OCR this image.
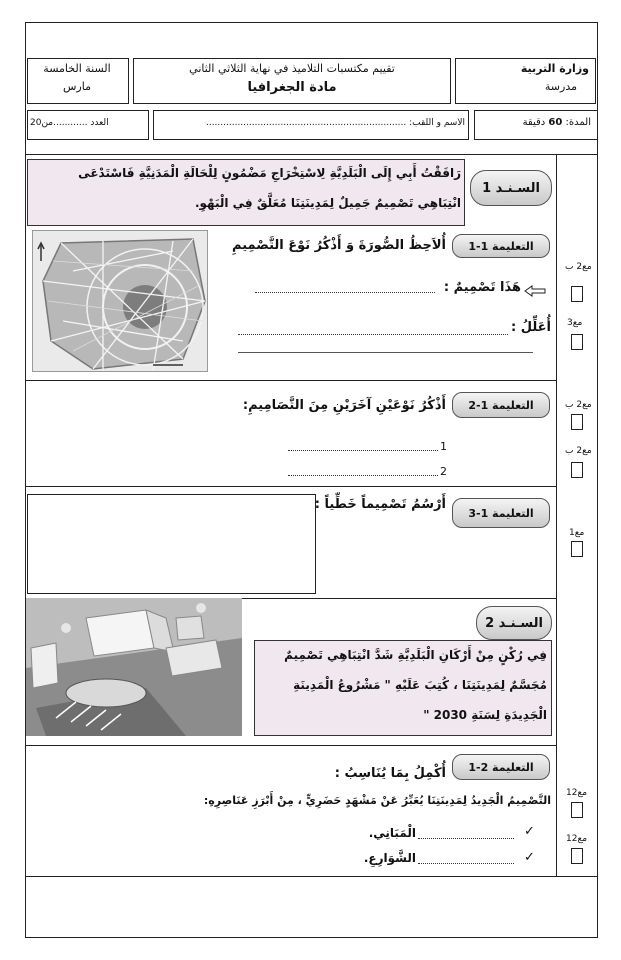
وزارة التربية
مدرسة
تقييم مكتسبات التلاميذ في نهاية الثلاثي الثاني
مادة الجغرافيا
السنة الخامسة
مارس
المدة: 60 دقيقة
الاسم و اللقب: ......................................................................
العدد ............من20
رَافَقْتُ أَبِي إِلَى الْبَلَدِيَّةِ لِاسْتِخْرَاجِ مَضْمُونٍ لِلْحَالَةِ الْمَدَنِيَّةِ فَاسْتَدْعَى
انْتِبَاهِي تَصْمِيمٌ جَمِيلٌ لِمَدِينَتِنَا مُعَلَّقٌ فِي الْبَهْوِ.
السـنـد 1
التعليمة 1-1
أُلاَحِظُ الصُّورَةَ وَ أَذْكُرُ نَوْعَ التَّصْمِيمِ
هَذَا تَصْمِيمٌ :
أُعَلِّلُ :
مع2 ب
مع3
التعليمة 1-2
أَذْكُرُ نَوْعَيْنِ آخَرَيْنِ مِنَ التَّصَامِيمِ:
1
2
مع2 ب
مع2 ب
التعليمة 1-3
أَرْسُمُ تَصْمِيماً خَطِّياً :
مع1
السـنـد 2
فِي رُكْنٍ مِنْ أَرْكَانِ الْبَلَدِيَّةِ شَدَّ انْتِبَاهِي تَصْمِيمٌ
مُجَسَّمٌ لِمَدِينَتِنَا ، كُتِبَ عَلَيْهِ " مَشْرُوعُ الْمَدِينَةِ
الْجَدِيدَةِ لِسَنَةِ 2030 "
التعليمة 2-1
أُكْمِلُ بِمَا يُنَاسِبُ :
التَّصْمِيمُ الْجَدِيدُ لِمَدِينَتِنَا يُعَبِّرُ عَنْ مَشْهَدٍ حَضَرِيٍّ ، مِنْ أَبْرَزِ عَنَاصِرِهِ:
✓
الْمَبَانِي.
✓
الشَّوَارِعِ.
مع12
مع12
